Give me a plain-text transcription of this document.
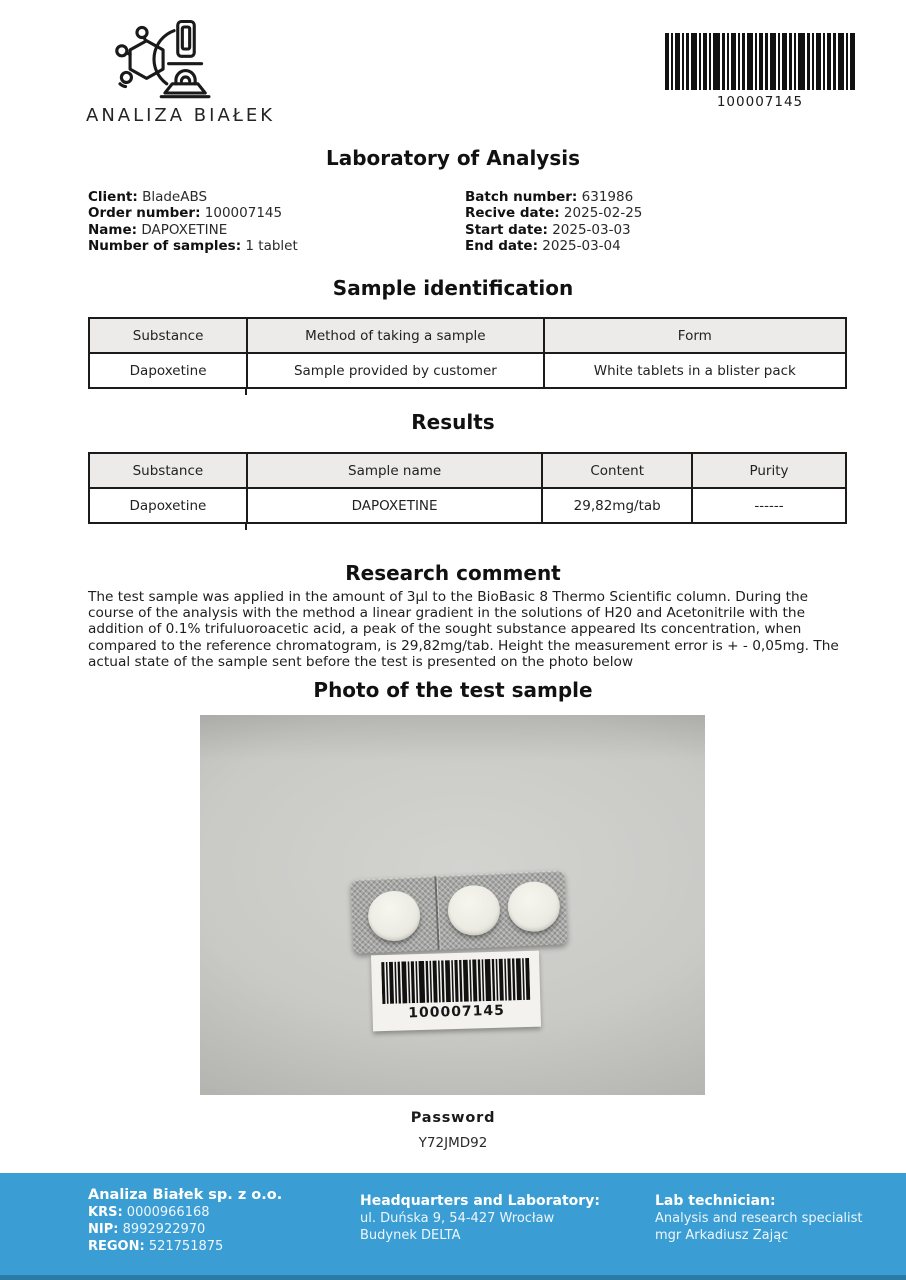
ANALIZA BIAŁEK
100007145
Laboratory of Analysis
Client: BladeABS
Order number: 100007145
Name: DAPOXETINE
Number of samples: 1 tablet
Batch number: 631986
Recive date: 2025-02-25
Start date: 2025-03-03
End date: 2025-03-04
Sample identification
Substance	Method of taking a sample	Form
Dapoxetine	Sample provided by customer	White tablets in a blister pack
Results
Substance	Sample name	Content	Purity
Dapoxetine	DAPOXETINE	29,82mg/tab	------
Research comment
The test sample was applied in the amount of 3µl to the BioBasic 8 Thermo Scientific column. During the course of the analysis with the method a linear gradient in the solutions of H20 and Acetonitrile with the addition of 0.1% trifuluoroacetic acid, a peak of the sought substance appeared Its concentration, when compared to the reference chromatogram, is 29,82mg/tab. Height the measurement error is + - 0,05mg. The actual state of the sample sent before the test is presented on the photo below
Photo of the test sample
100007145
Password
Y72JMD92
Analiza Białek sp. z o.o.
KRS: 0000966168
NIP: 8992922970
REGON: 521751875
Headquarters and Laboratory:
ul. Duńska 9, 54-427 Wrocław
Budynek DELTA
Lab technician:
Analysis and research specialist
mgr Arkadiusz Zając
